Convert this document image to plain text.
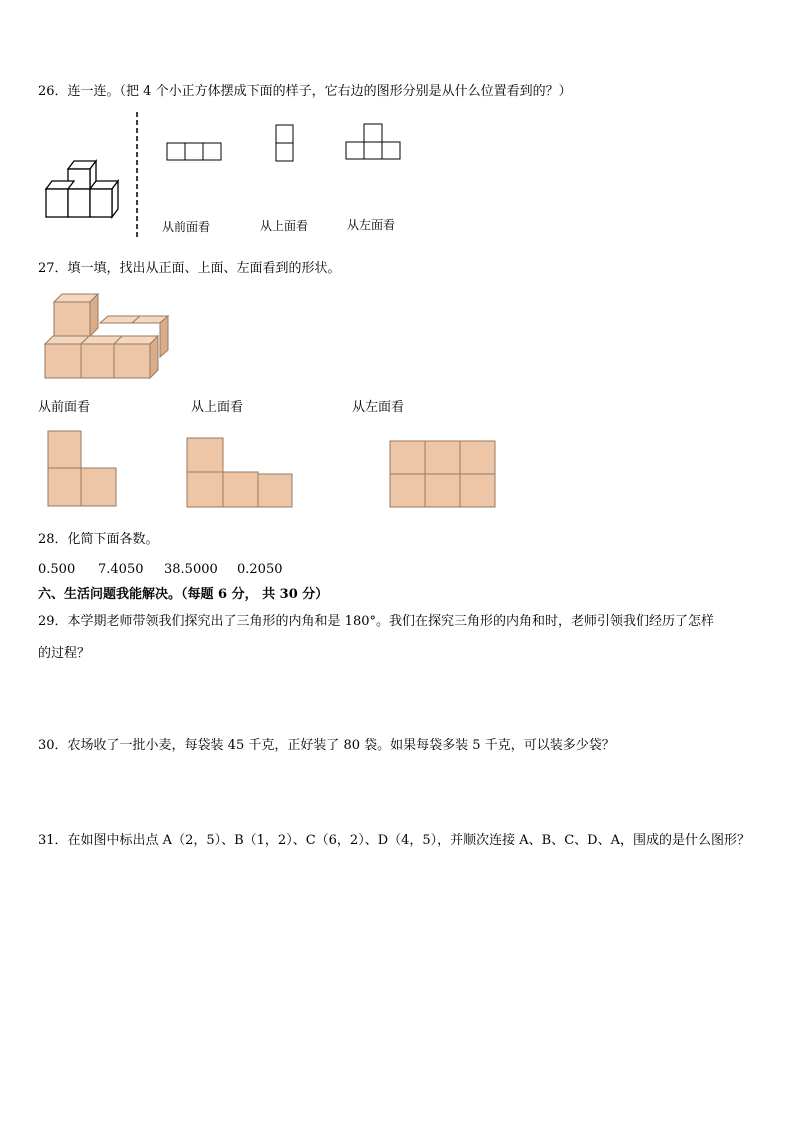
26．连一连。（把 4 个小正方体摆成下面的样子，它右边的图形分别是从什么位置看到的？）
从前面看	从上面看	从左面看
27．填一填，找出从正面、上面、左面看到的形状。
从前面看	从上面看	从左面看
28．化简下面各数。
0.500 7.4050 38.5000 0.2050
六、生活问题我能解决。（每题 6 分， 共 30 分）
29．本学期老师带领我们探究出了三角形的内角和是 180°。我们在探究三角形的内角和时，老师引领我们经历了怎样
的过程？
30．农场收了一批小麦，每袋装 45 千克，正好装了 80 袋。如果每袋多装 5 千克，可以装多少袋？
31．在如图中标出点 A（2，5）、B（1，2）、C（6，2）、D（4，5），并顺次连接 A、B、C、D、A，围成的是什么图形？
